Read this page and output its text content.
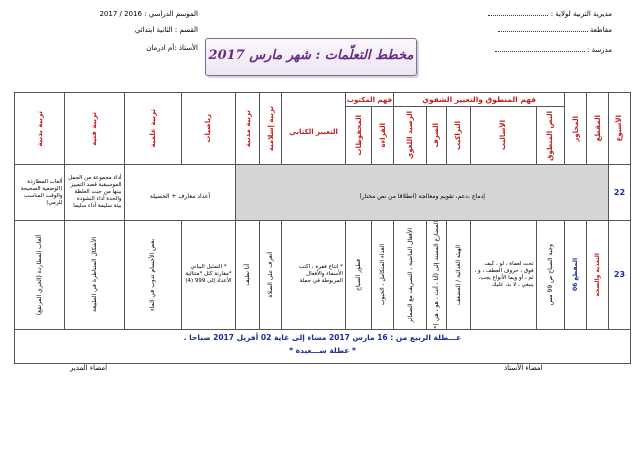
مديرية التربية لولاية :
مقاطعة
مدرسة :
الموسم الدراسي : 2016 / 2017
القسم : الثانية ابتدائي
الأستاذ :أم ادرمان مخطط التعلّمات : شهر مارس 2017
تربية بدنية	تربية فنية	تربية علمية	رياضيات	تربية مدنية	تربية إسلامية	التعبير الكتابي	فهم المكتوب		فهم المنطوق والتعبير الشفوي					المحاور	المقطع	الأسبوع

							المحفوظات	القراءة	الرصيد اللغوي	الصرف	التراكيب	الأساليب	النص المنطوق			

ألعاب المطاردة (الوضعية الصحيحة والوقت المناسب للرمي)	أداء مجموعة من الجمل الموسيقية قصد التمييز بينها من حيث الغلظة والحدة أداء النشودة بيئة سليمة أداء سليما	أعداد معارف + الحصيلة		إدماج ،دعم، تقويم ومعالجة (انطلاقا من نص مختار)												22

ألعاب المطاردة (الجري المرتفع)	الأشكال المتناظرة في الطبيعة	بعض الأجسام تدوب في الماء	* التمثيل البياني *مقارنة كثل *متتالية الأعداد إلى 999 (4)	أنا نظيف	أتعرف على الصلاة	* انتاج فقرة ، اكتب الأسماء والأفعال المربوطة في جملة	فطور الصباح	الغداء المتكامل ، الحبوب	الأفعال الماضية ، التصريف مع الضمائر	*المضارع المسند إلى (أنا ، أنت ، هو ، هي )	الهيئة الغذائية / المضعف	تحت لعماة ، لو ، كيف فوق ، حروف العطف ، و ، ثم ، أو ويما الأنواع يجب، ينبغي ، لا بد، عليك	وجبة الصباح ص 99 مس	المقطع 06	التغذية والصحة	23

عـــطلة الربيع من : 16 مارس 2017 مساء إلى غاية 02 أفريل 2017 صباحا .
* عطلة ســـعيدة *																
امضاء الأستاذ
امضاء المدير
